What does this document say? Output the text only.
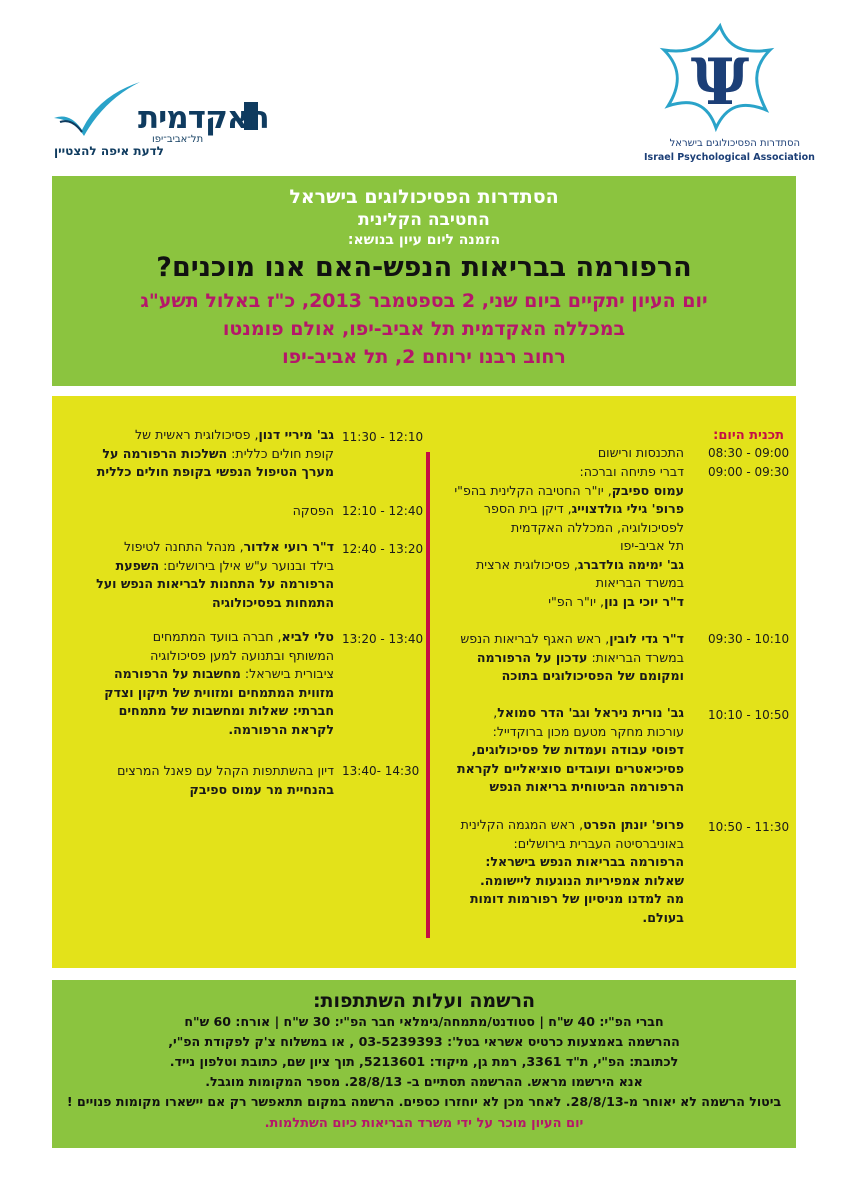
האקדמית
תל־אביב־יפו
לדעת איפה להצטיין
Ψ
הסתדרות הפסיכולוגים בישראל
Israel Psychological Association
הסתדרות הפסיכולוגים בישראל
החטיבה הקלינית
הזמנה ליום עיון בנושא:
הרפורמה בבריאות הנפש-האם אנו מוכנים?
יום העיון יתקיים ביום שני, 2 בספטמבר 2013, כ"ז באלול תשע"ג
במכללה האקדמית תל אביב-יפו, אולם פומנטו
רחוב רבנו ירוחם 2, תל אביב-יפו
תכנית היום:
08:30 - 09:00
התכנסות ורישום
09:00 - 09:30
דברי פתיחה וברכה:
עמוס ספיבק, יו"ר החטיבה הקלינית בהפ"י
פרופ' גילי גולדצוייג, דיקן בית הספר
לפסיכולוגיה, המכללה האקדמית
תל אביב-יפו
גב' ימימה גולדברג, פסיכולוגית ארצית
במשרד הבריאות
ד"ר יוכי בן נון, יו"ר הפ"י
09:30 - 10:10
ד"ר גדי לובין, ראש האגף לבריאות הנפש
במשרד הבריאות: עדכון על הרפורמה
ומקומם של הפסיכולוגים בתוכה
10:10 - 10:50
גב' נורית ניראל וגב' הדר סמואל,
עורכות מחקר מטעם מכון ברוקדייל:
דפוסי עבודה ועמדות של פסיכולוגים,
פסיכיאטרים ועובדים סוציאליים לקראת
הרפורמה הביטוחית בריאות הנפש
10:50 - 11:30
פרופ' יונתן הפרט, ראש המגמה הקלינית
באוניברסיטה העברית בירושלים:
הרפורמה בבריאות הנפש בישראל:
שאלות אמפיריות הנוגעות ליישומה.
מה למדנו מניסיון של רפורמות דומות
בעולם.
11:30 - 12:10
גב' מיריי דנון, פסיכולוגית ראשית של
קופת חולים כללית: השלכות הרפורמה על
מערך הטיפול הנפשי בקופת חולים כללית
12:10 - 12:40
הפסקה
12:40 - 13:20
ד"ר רועי אלדור, מנהל התחנה לטיפול
בילד ובנוער ע"ש אילן בירושלים: השפעת
הרפורמה על התחנות לבריאות הנפש ועל
התמחות בפסיכולוגיה
13:20 - 13:40
טלי לביא, חברה בוועד המתמחים
המשותף ובתנועה למען פסיכולוגיה
ציבורית בישראל: מחשבות על הרפורמה
מזווית המתמחים ומזווית של תיקון וצדק
חברתי: שאלות ומחשבות של מתמחים
לקראת הרפורמה.
13:40- 14:30
דיון בהשתתפות הקהל עם פאנל המרצים
בהנחיית מר עמוס ספיבק
הרשמה ועלות השתתפות:
חברי הפ"י: 40 ש"ח | סטודנט/מתמחה/גימלאי חבר הפ"י: 30 ש"ח | אורח: 60 ש"ח
ההרשמה באמצעות כרטיס אשראי בטל': 03-5239393 , או במשלוח צ'ק לפקודת הפ"י,
לכתובת: הפ"י, ת"ד 3361, רמת גן, מיקוד: 5213601, תוך ציון שם, כתובת וטלפון נייד.
אנא הירשמו מראש. ההרשמה תסתיים ב- 28/8/13. מספר המקומות מוגבל.
ביטול הרשמה לא יאוחר מ-28/8/13. לאחר מכן לא יוחזרו כספים. הרשמה במקום תתאפשר רק אם יישארו מקומות פנויים !
יום העיון מוכר על ידי משרד הבריאות כיום השתלמות.
